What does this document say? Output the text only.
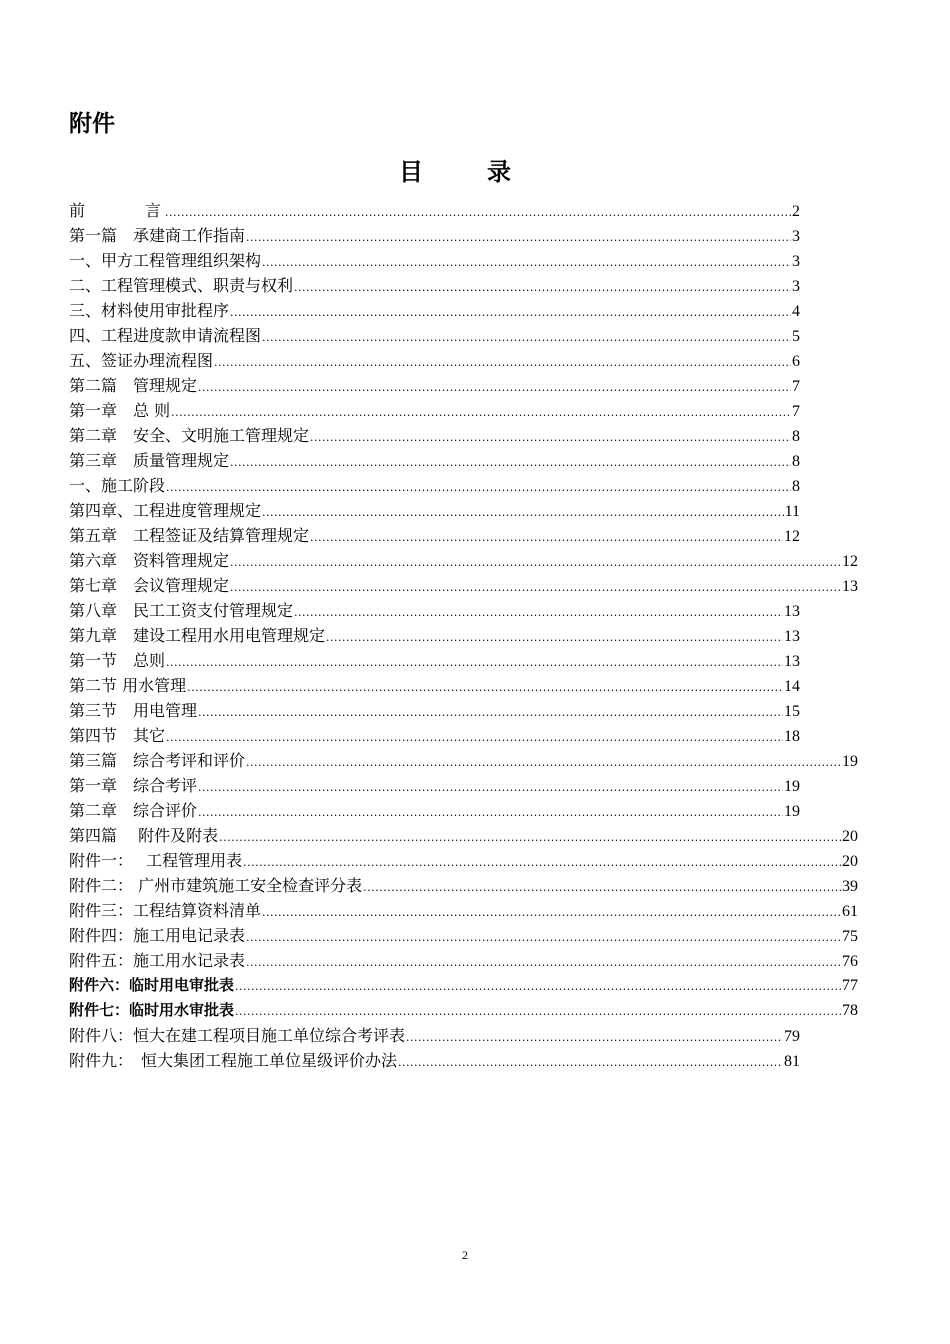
附件
目　录
前　　　言 .....	2
第一篇　承建商工作指南 .....	3
一、甲方工程管理组织架构 .....	3
二、工程管理模式、职责与权利 .....	3
三、材料使用审批程序 .....	4
四、工程进度款申请流程图 .....	5
五、签证办理流程图 .....	6
第二篇　管理规定 .....	7
第一章　总 则 .....	7
第二章　安全、文明施工管理规定 .....	8
第三章　质量管理规定 .....	8
一、施工阶段 .....	8
第四章、工程进度管理规定 .....	11
第五章　工程签证及结算管理规定 .....	12
第六章　资料管理规定 .....	12
第七章　会议管理规定 .....	13
第八章　民工工资支付管理规定 .....	13
第九章　建设工程用水用电管理规定 .....	13
第一节　总则 .....	13
第二节 用水管理 .....	14
第三节　用电管理 .....	15
第四节　其它 .....	18
第三篇　综合考评和评价 .....	19
第一章　综合考评 .....	19
第二章　综合评价 .....	19
第四篇　 附件及附表 .....	20
附件一：　 工程管理用表 .....	20
附件二： 广州市建筑施工安全检查评分表 .....	39
附件三：工程结算资料清单 .....	61
附件四：施工用电记录表 .....	75
附件五：施工用水记录表 .....	76
附件六：临时用电审批表 .....	77
附件七：临时用水审批表 .....	78
附件八：恒大在建工程项目施工单位综合考评表 .....	79
附件九：　恒大集团工程施工单位星级评价办法 .....	81
2
